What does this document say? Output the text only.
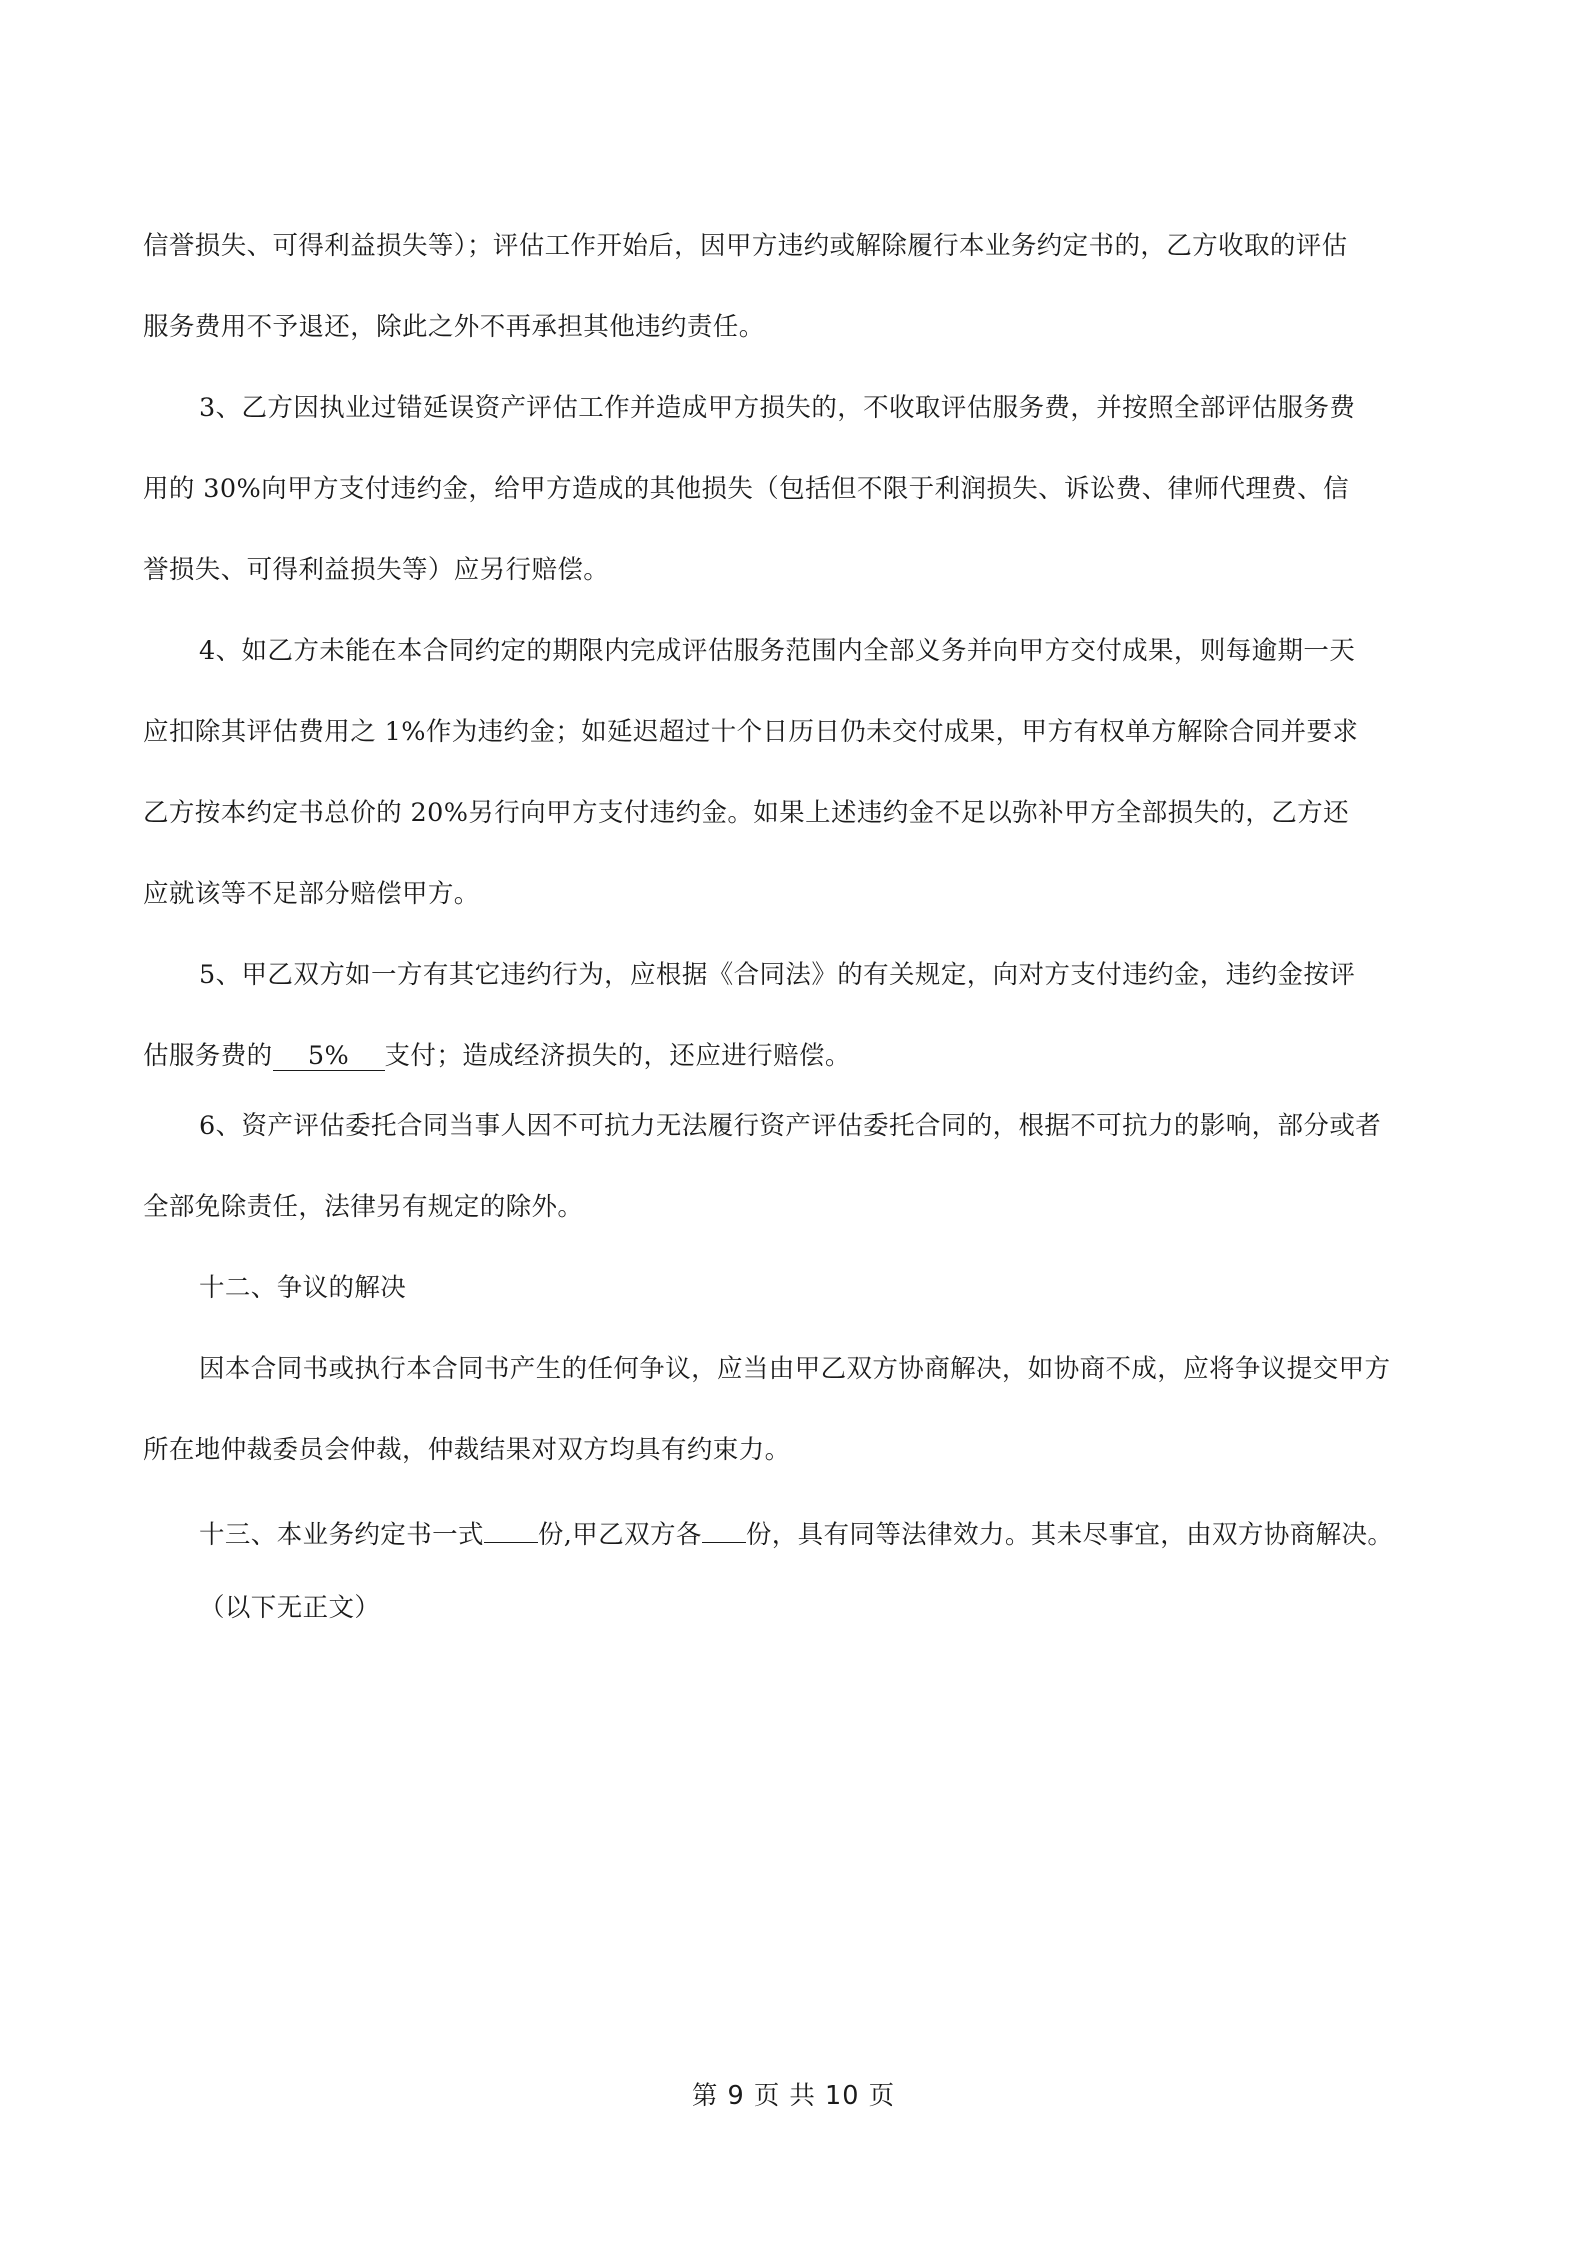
信誉损失、可得利益损失等）；评估工作开始后，因甲方违约或解除履行本业务约定书的，乙方收取的评估
服务费用不予退还，除此之外不再承担其他违约责任。
3、乙方因执业过错延误资产评估工作并造成甲方损失的，不收取评估服务费，并按照全部评估服务费
用的 30%向甲方支付违约金，给甲方造成的其他损失（包括但不限于利润损失、诉讼费、律师代理费、信
誉损失、可得利益损失等）应另行赔偿。
4、如乙方未能在本合同约定的期限内完成评估服务范围内全部义务并向甲方交付成果，则每逾期一天
应扣除其评估费用之 1%作为违约金；如延迟超过十个日历日仍未交付成果，甲方有权单方解除合同并要求
乙方按本约定书总价的 20%另行向甲方支付违约金。如果上述违约金不足以弥补甲方全部损失的，乙方还
应就该等不足部分赔偿甲方。
5、甲乙双方如一方有其它违约行为，应根据《合同法》的有关规定，向对方支付违约金，违约金按评
估服务费的 5% 支付；造成经济损失的，还应进行赔偿。
6、资产评估委托合同当事人因不可抗力无法履行资产评估委托合同的，根据不可抗力的影响，部分或者
全部免除责任，法律另有规定的除外。
十二、争议的解决
因本合同书或执行本合同书产生的任何争议，应当由甲乙双方协商解决，如协商不成，应将争议提交甲方
所在地仲裁委员会仲裁，仲裁结果对双方均具有约束力。
十三、本业务约定书一式 份,甲乙双方各 份，具有同等法律效力。其未尽事宜，由双方协商解决。
（以下无正文）
第 9 页 共 10 页
